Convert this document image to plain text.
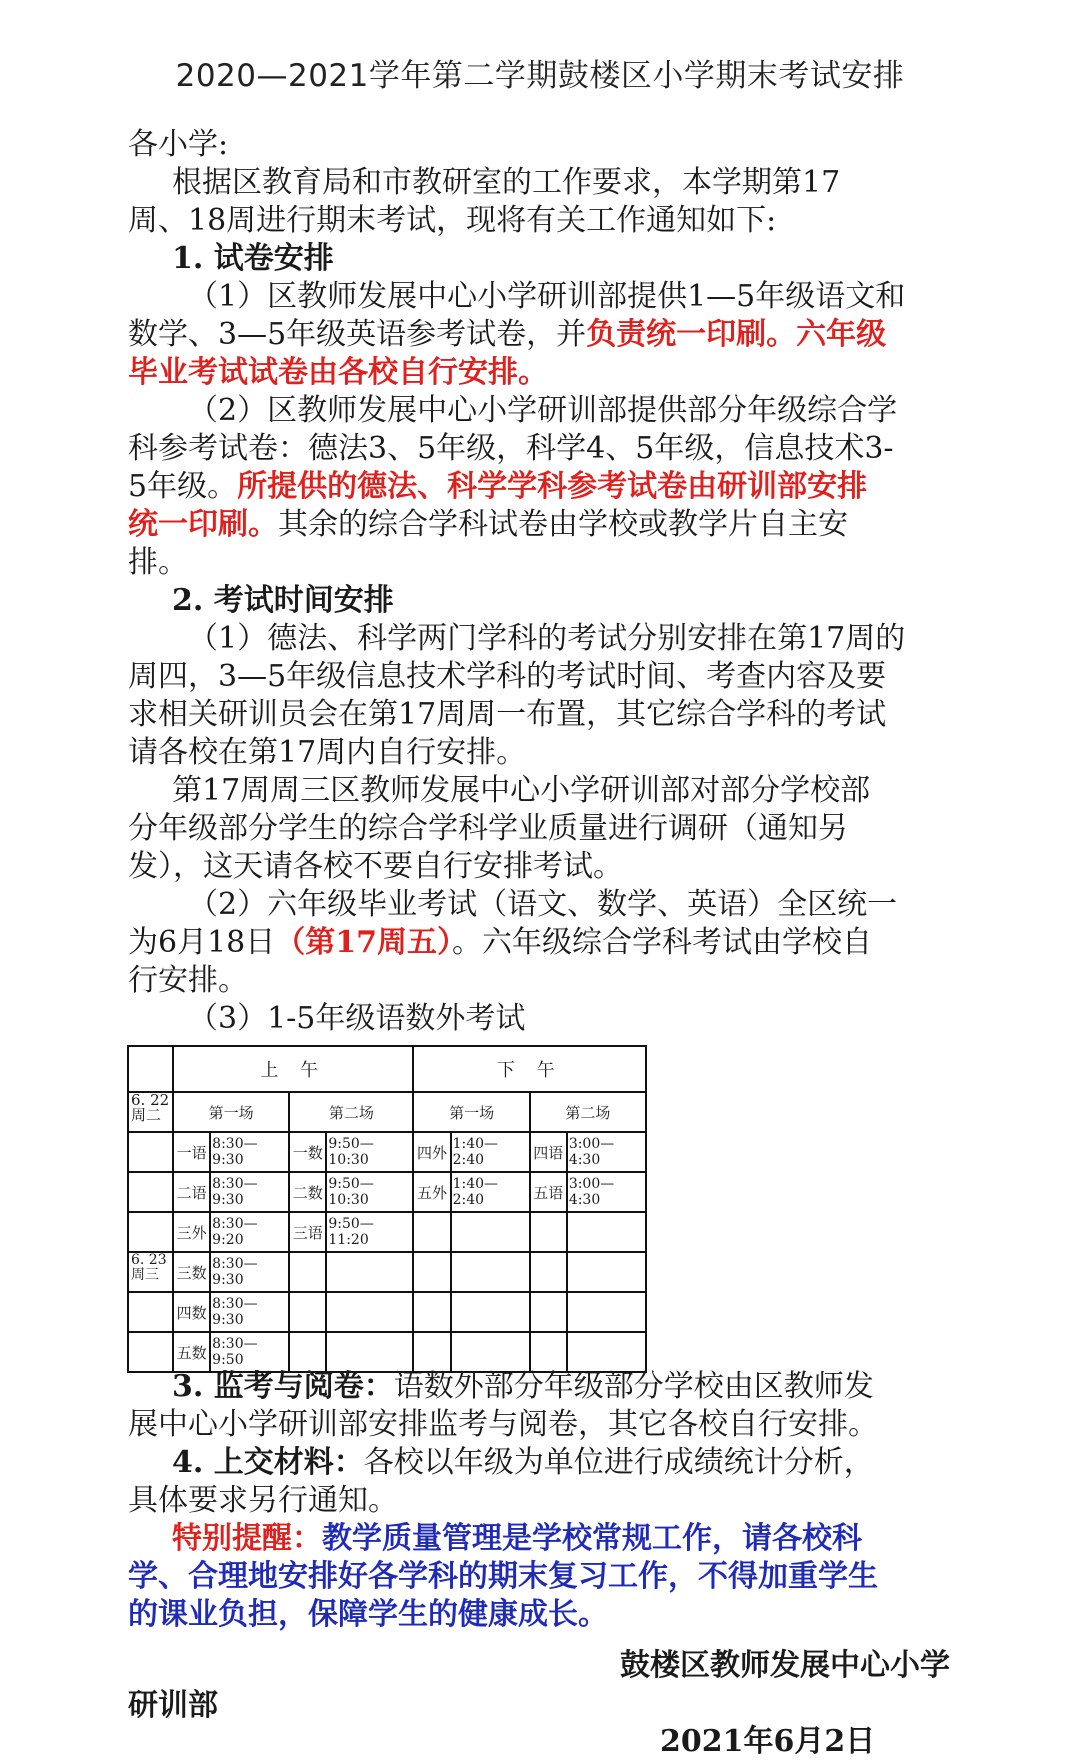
2020—2021学年第二学期鼓楼区小学期末考试安排
各小学:
根据区教育局和市教研室的工作要求，本学期第17
周、18周进行期末考试，现将有关工作通知如下:
1. 试卷安排
（1）区教师发展中心小学研训部提供1—5年级语文和
数学、3—5年级英语参考试卷，并负责统一印刷。六年级
毕业考试试卷由各校自行安排。
（2）区教师发展中心小学研训部提供部分年级综合学
科参考试卷：德法3、5年级，科学4、5年级，信息技术3-
5年级。所提供的德法、科学学科参考试卷由研训部安排
统一印刷。其余的综合学科试卷由学校或教学片自主安
排。
2. 考试时间安排
（1）德法、科学两门学科的考试分别安排在第17周的
周四，3—5年级信息技术学科的考试时间、考查内容及要
求相关研训员会在第17周周一布置，其它综合学科的考试
请各校在第17周内自行安排。
第17周周三区教师发展中心小学研训部对部分学校部
分年级部分学生的综合学科学业质量进行调研（通知另
发），这天请各校不要自行安排考试。
（2）六年级毕业考试（语文、数学、英语）全区统一
为6月18日（第17周五）。六年级综合学科考试由学校自
行安排。
（3）1-5年级语数外考试
	上 午				下 午			
6. 22 周二	第一场		第二场		第一场		第二场	
	一语	8:30—9:30	一数	9:50—10:30	四外	1:40—2:40	四语	3:00—4:30
	二语	8:30—9:30	二数	9:50—10:30	五外	1:40—2:40	五语	3:00—4:30
	三外	8:30—9:20	三语	9:50—11:20				
6. 23 周三	三数	8:30—9:30						
	四数	8:30—9:30						
	五数	8:30—9:50						
3. 监考与阅卷：语数外部分年级部分学校由区教师发
展中心小学研训部安排监考与阅卷，其它各校自行安排。
4. 上交材料：各校以年级为单位进行成绩统计分析，
具体要求另行通知。
特别提醒：教学质量管理是学校常规工作，请各校科
学、合理地安排好各学科的期末复习工作，不得加重学生
的课业负担，保障学生的健康成长。
鼓楼区教师发展中心小学
研训部
2021年6月2日
